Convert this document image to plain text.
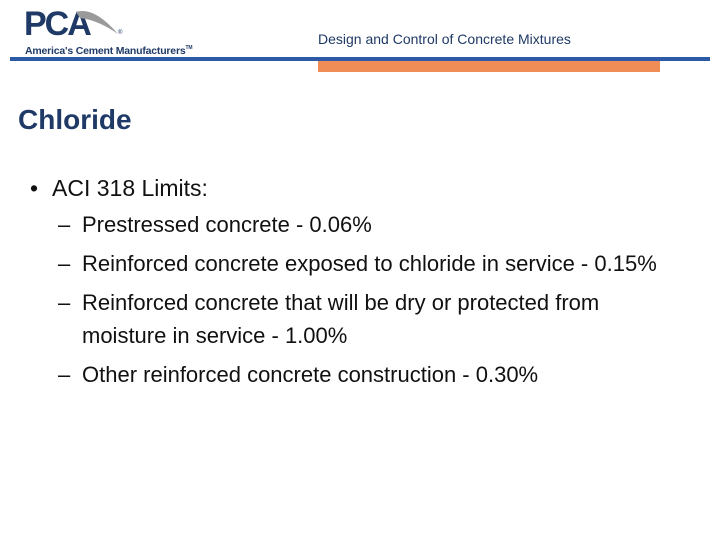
PCA	®
America's Cement Manufacturers™
Design and Control of Concrete Mixtures
Chloride
• ACI 318 Limits:
– Prestressed concrete - 0.06%
– Reinforced concrete exposed to chloride in service - 0.15%
– Reinforced concrete that will be dry or protected from moisture in service - 1.00%
– Other reinforced concrete construction - 0.30%
